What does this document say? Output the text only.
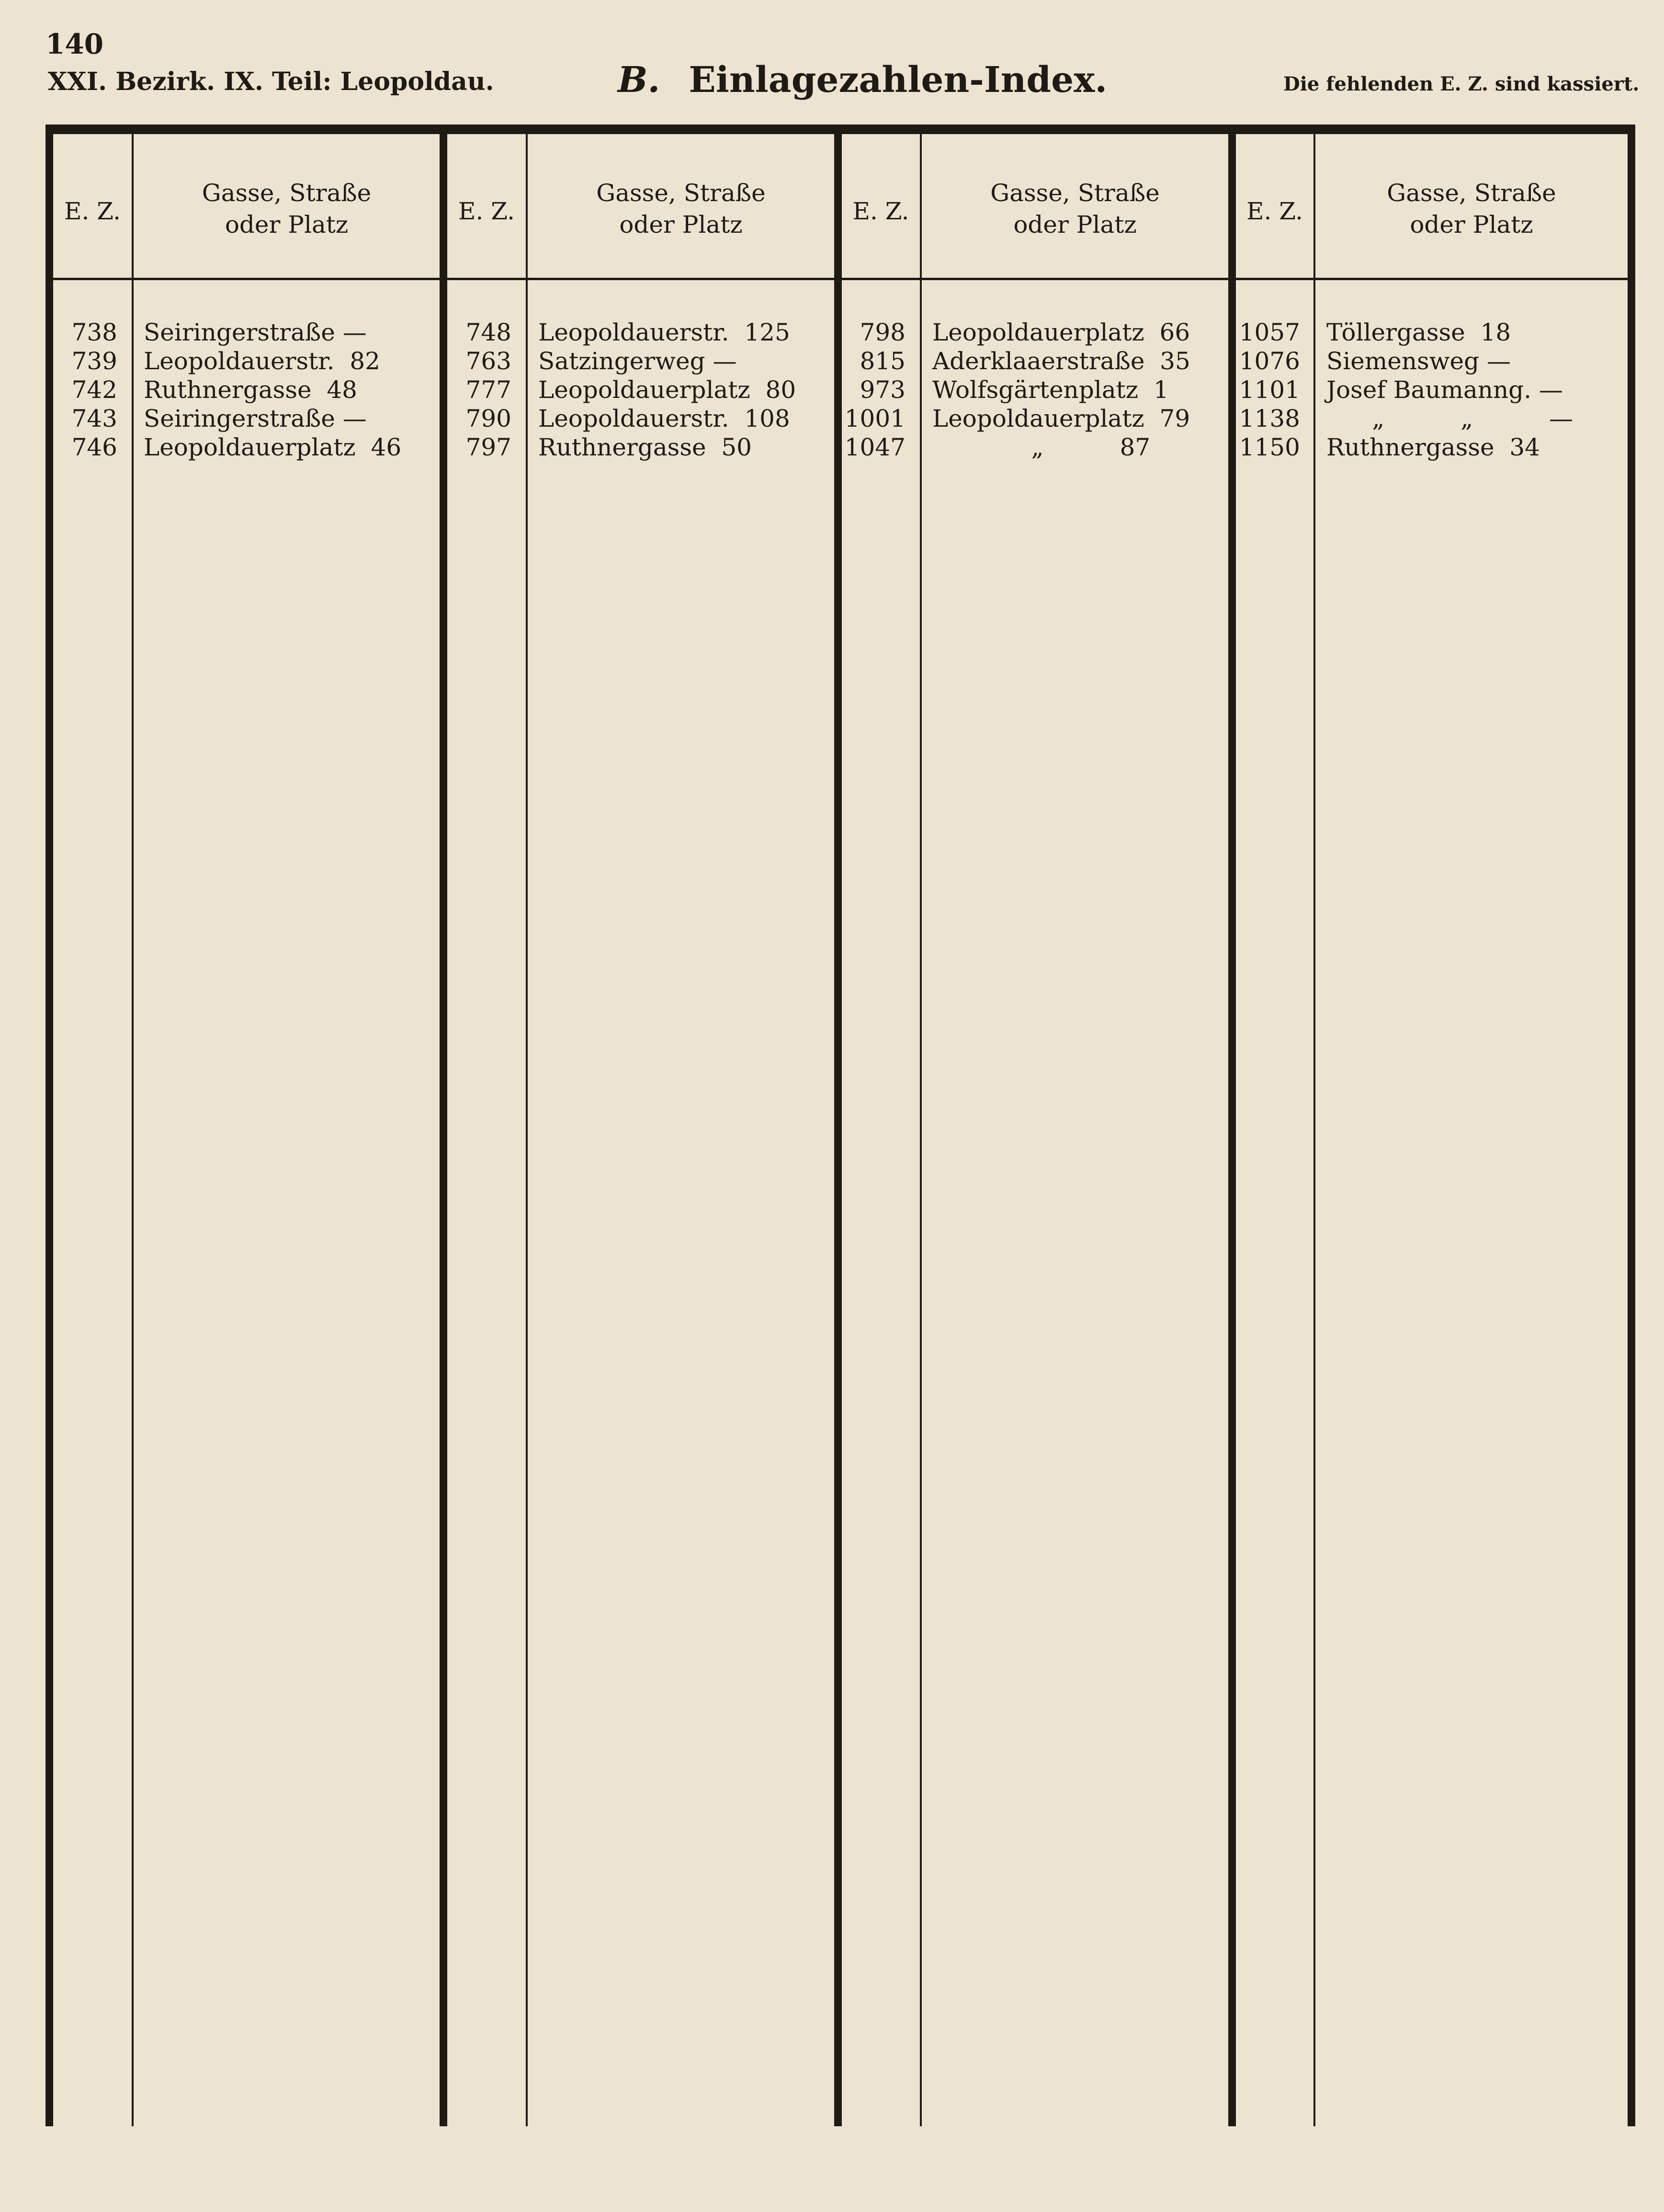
140
XXI. Bezirk. IX. Teil: Leopoldau.	B. Einlagezahlen-Index.	Die fehlenden E. Z. sind kassiert.
E. Z.
Gasse, Straße
oder Platz	E. Z.
Gasse, Straße
oder Platz	E. Z.
Gasse, Straße
oder Platz	E. Z.
Gasse, Straße
oder Platz
738 Seiringerstraße —
739 Leopoldauerstr.  82
742 Ruthnergasse  48
743 Seiringerstraße —
746 Leopoldauerplatz  46
748 Leopoldauerstr.  125
763 Satzingerweg —
777 Leopoldauerplatz  80
790 Leopoldauerstr.  108
797 Ruthnergasse  50
798 Leopoldauerplatz  66
815 Aderklaaerstraße  35
973 Wolfsgärtenplatz  1
1001 Leopoldauerplatz  79
1047 „          87
1057 Töllergasse  18
1076 Siemensweg —
1101 Josef Baumanng. —
1138 „          „          —
1150 Ruthnergasse  34
